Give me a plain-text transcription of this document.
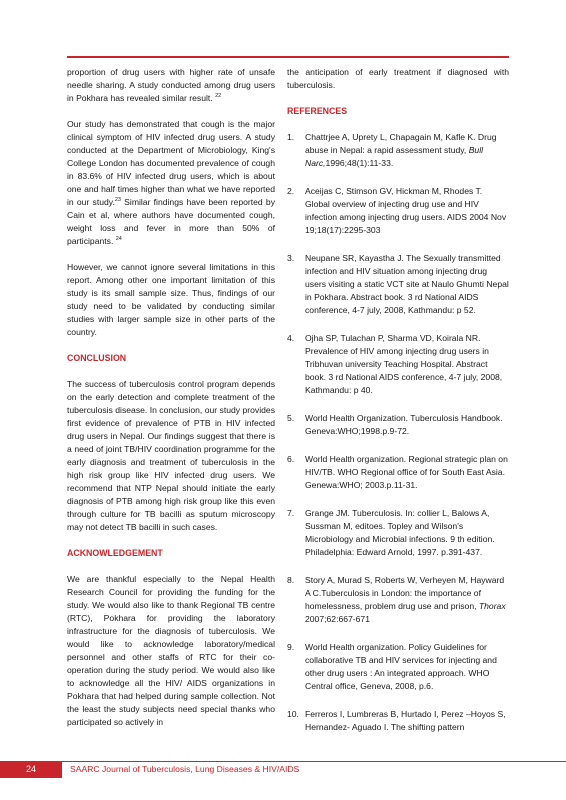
proportion of drug users with higher rate of unsafe needle sharing. A study conducted among drug users in Pokhara has revealed similar result. $^{22}$

Our study has demonstrated that cough is the major clinical symptom of HIV infected drug users. A study conducted at the Department of Microbiology, King's College London has documented prevalence of cough in 83.6% of HIV infected drug users, which is about one and half times higher than what we have reported in our study.$^{23}$ Similar findings have been reported by Cain et al, where authors have documented cough, weight loss and fever in more than 50% of participants. $^{24}$

However, we cannot ignore several limitations in this report. Among other one important limitation of this study is its small sample size. Thus, findings of our study need to be validated by conducting similar studies with larger sample size in other parts of the country.

CONCLUSION

The success of tuberculosis control program depends on the early detection and complete treatment of the tuberculosis disease. In conclusion, our study provides first evidence of prevalence of PTB in HIV infected drug users in Nepal. Our findings suggest that there is a need of joint TB/HIV coordination programme for the early diagnosis and treatment of tuberculosis in the high risk group like HIV infected drug users. We recommend that NTP Nepal should initiate the early diagnosis of PTB among high risk group like this even through culture for TB bacilli as sputum microscopy may not detect TB bacilli in such cases.

ACKNOWLEDGEMENT

We are thankful especially to the Nepal Health Research Council for providing the funding for the study. We would also like to thank Regional TB centre (RTC), Pokhara for providing the laboratory infrastructure for the diagnosis of tuberculosis. We would like to acknowledge laboratory/medical personnel and other staffs of RTC for their co-operation during the study period. We would also like to acknowledge all the HIV/ AIDS organizations in Pokhara that had helped during sample collection. Not the least the study subjects need special thanks who participated so actively in

the anticipation of early treatment if diagnosed with tuberculosis.

REFERENCES

1. Chattrjee A, Uprety L, Chapagain M, Kafle K. Drug abuse in Nepal: a rapid assessment study, Bull Narc,1996;48(1):11-33.
2. Aceijas C, Stimson GV, Hickman M, Rhodes T. Global overview of injecting drug use and HIV infection among injecting drug users. AIDS 2004 Nov 19;18(17):2295-303
3. Neupane SR, Kayastha J. The Sexually transmitted infection and HIV situation among injecting drug users visiting a static VCT site at Naulo Ghumti Nepal in Pokhara. Abstract book. 3 rd National AIDS conference, 4-7 july, 2008, Kathmandu: p 52.
4. Ojha SP, Tulachan P, Sharma VD, Koirala NR. Prevalence of HIV among injecting drug users in Tribhuvan university Teaching Hospital. Abstract book. 3 rd National AIDS conference, 4-7 july, 2008, Kathmandu: p 40.
5. World Health Organization. Tuberculosis Handbook. Geneva:WHO;1998.p.9-72.
6. World Health organization. Regional strategic plan on HIV/TB. WHO Regional office of for South East Asia. Genewa:WHO; 2003.p.11-31.
7. Grange JM. Tuberculosis. In: collier L, Balows A, Sussman M, editoes. Topley and Wilson's Microbiology and Microbial infections. 9 th edition. Philadelphia: Edward Arnold, 1997. p.391-437.
8. Story A, Murad S, Roberts W, Verheyen M, Hayward A C.Tuberculosis in London: the importance of homelessness, problem drug use and prison, Thorax 2007;62:667-671
9. World Health organization. Policy Guidelines for collaborative TB and HIV services for injecting and other drug users : An integrated approach. WHO Central office, Geneva, 2008, p.6.
10. Ferreros I, Lumbreras B, Hurtado I, Perez –Hoyos S, Hernandez- Aguado I. The shifting pattern
24	SAARC Journal of Tuberculosis, Lung Diseases & HIV/AIDS
